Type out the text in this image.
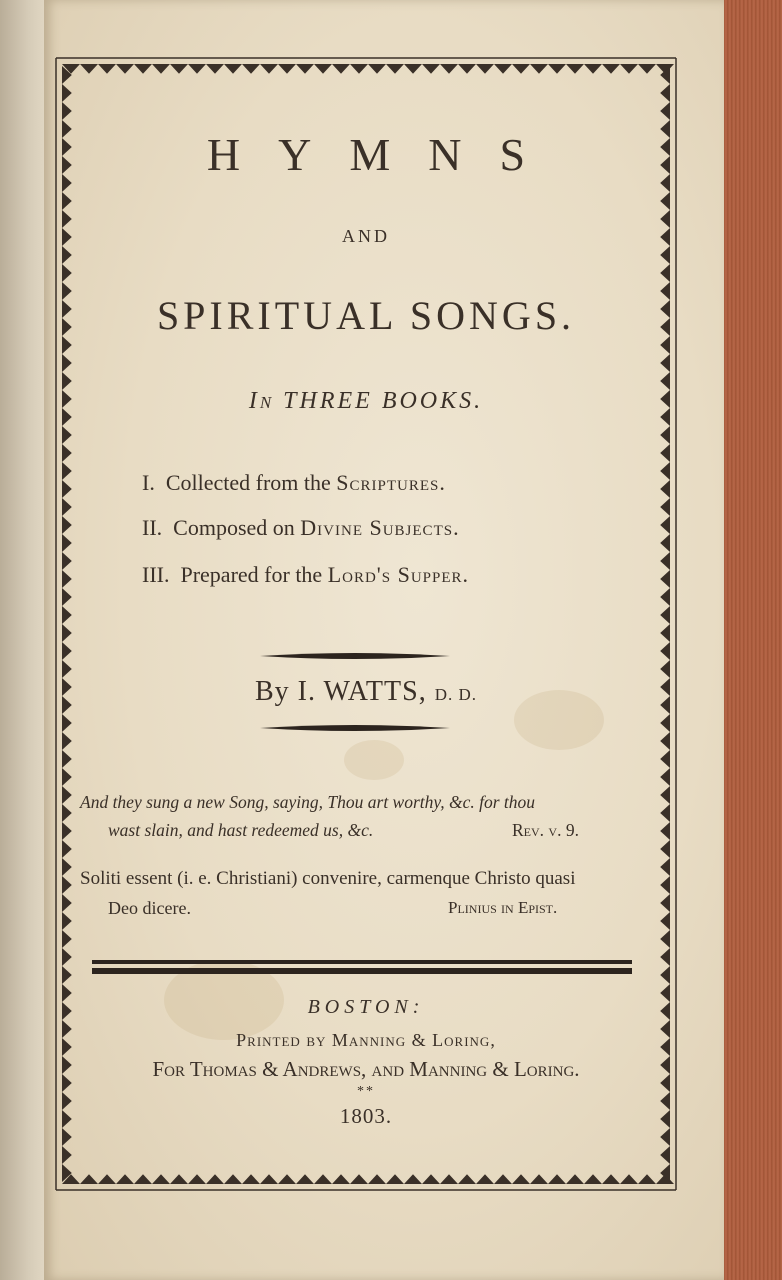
HYMNS
AND
SPIRITUAL SONGS.
In THREE BOOKS.
I. Collected from the Scriptures.
II. Composed on Divine Subjects.
III. Prepared for the Lord's Supper.
By I. WATTS, D. D.
And they sung a new Song, saying, Thou art worthy, &c. for thou
wast slain, and hast redeemed us, &c.	Rev. v. 9.
Soliti essent (i. e. Christiani) convenire, carmenque Christo quasi
Deo dicere.	Plinius in Epist.
BOSTON:
Printed by Manning & Loring,
For Thomas & Andrews, and Manning & Loring.
**
1803.
